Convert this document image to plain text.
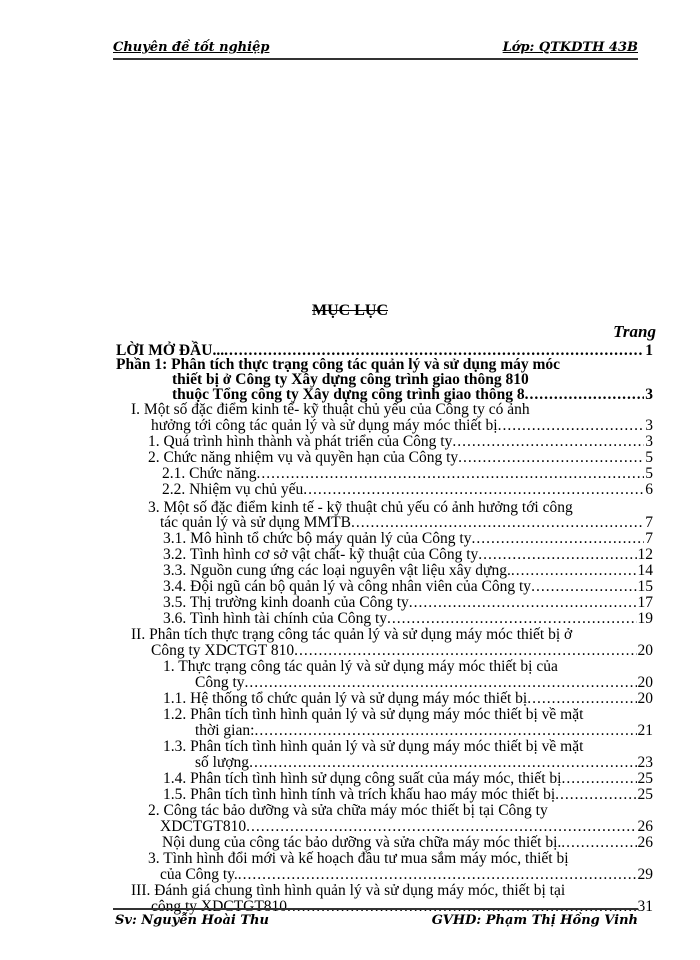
Chuyên đề tốt nghiệp	Lớp: QTKDTH 43B
MỤC LỤC
Trang
LỜI MỞ ĐẦU... .....	1
Phần 1: Phân tích thực trạng công tác quản lý và sử dụng máy móc
thiết bị ở Công ty Xây dựng công trình giao thông 810
thuộc Tổng công ty Xây dựng công trình giao thông 8 .....	3
I. Một số đặc điểm kinh tế- kỹ thuật chủ yếu của Công ty có ảnh
hưởng tới công tác quản lý và sử dụng máy móc thiết bị .....	3
1. Quá trình hình thành và phát triển của Công ty .....	3
2. Chức năng nhiệm vụ và quyền hạn của Công ty .....	5
2.1. Chức năng .....	5
2.2. Nhiệm vụ chủ yếu .....	6
3. Một số đặc điểm kinh tế - kỹ thuật chủ yếu có ảnh hưởng tới công
tác quản lý và sử dụng MMTB .....	7
3.1. Mô hình tổ chức bộ máy quản lý của Công ty .....	7
3.2. Tình hình cơ sở vật chất- kỹ thuật của Công ty .....	12
3.3. Nguồn cung ứng các loại nguyên vật liệu xây dựng. .....	14
3.4. Đội ngũ cán bộ quản lý và công nhân viên của Công ty .....	15
3.5. Thị trường kinh doanh của Công ty .....	17
3.6. Tình hình tài chính của Công ty .....	19
II. Phân tích thực trạng công tác quản lý và sử dụng máy móc thiết bị ở
Công ty XDCTGT 810 .....	20
1. Thực trạng công tác quản lý và sử dụng máy móc thiết bị của
Công ty .....	20
1.1. Hệ thống tổ chức quản lý và sử dụng máy móc thiết bị .....	20
1.2. Phân tích tình hình quản lý và sử dụng máy móc thiết bị về mặt
thời gian: .....	21
1.3. Phân tích tình hình quản lý và sử dụng máy móc thiết bị về mặt
số lượng .....	23
1.4. Phân tích tình hình sử dụng công suất của máy móc, thiết bị .....	25
1.5. Phân tích tình hình tính và trích khấu hao máy móc thiết bị .....	25
2. Công tác bảo dưỡng và sửa chữa máy móc thiết bị tại Công ty
XDCTGT810 .....	26
Nội dung của công tác bảo dưỡng và sửa chữa máy móc thiết bị. .....	26
3. Tình hình đổi mới và kế hoạch đầu tư mua sắm máy móc, thiết bị
của Công ty. .....	29
III. Đánh giá chung tình hình quản lý và sử dụng máy móc, thiết bị tại
công ty XDCTGT810 .....	31
Sv: Nguyễn Hoài Thu	GVHD: Phạm Thị Hồng Vinh
